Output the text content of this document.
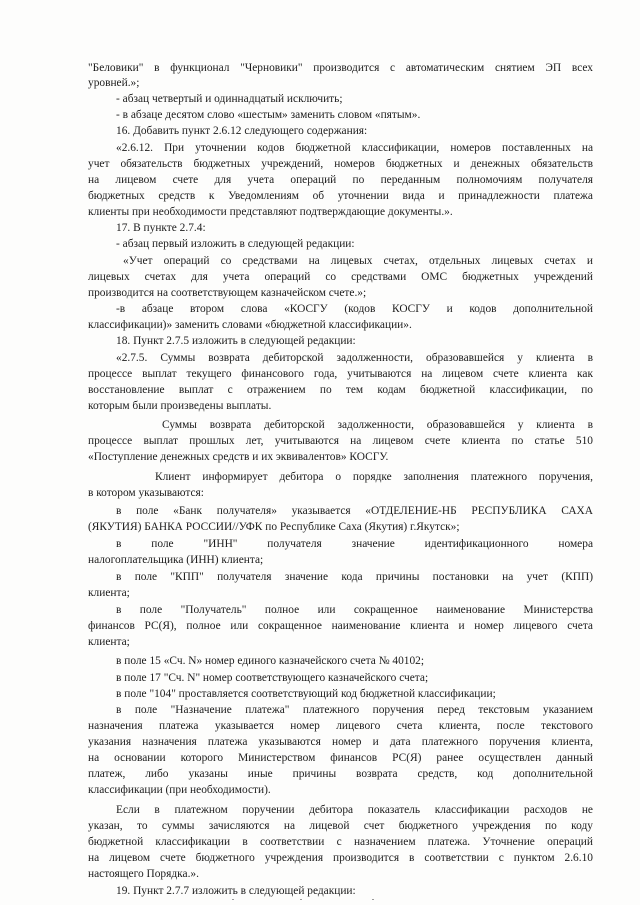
"Беловики" в функционал "Черновики" производится с автоматическим снятием ЭП всех
уровней.»;
- абзац четвертый и одиннадцатый исключить;
- в абзаце десятом слово «шестым» заменить словом «пятым».
16. Добавить пункт 2.6.12 следующего содержания:
«2.6.12. При уточнении кодов бюджетной классификации, номеров поставленных на
учет обязательств бюджетных учреждений, номеров бюджетных и денежных обязательств
на лицевом счете для учета операций по переданным полномочиям получателя
бюджетных средств к Уведомлениям об уточнении вида и принадлежности платежа
клиенты при необходимости представляют подтверждающие документы.».
17. В пункте 2.7.4:
- абзац первый изложить в следующей редакции:
«Учет операций со средствами на лицевых счетах, отдельных лицевых счетах и
лицевых счетах для учета операций со средствами ОМС бюджетных учреждений
производится на соответствующем казначейском счете.»;
-в абзаце втором слова «КОСГУ (кодов КОСГУ и кодов дополнительной
классификации)» заменить словами «бюджетной классификации».
18. Пункт 2.7.5 изложить в следующей редакции:
«2.7.5. Суммы возврата дебиторской задолженности, образовавшейся у клиента в
процессе выплат текущего финансового года, учитываются на лицевом счете клиента как
восстановление выплат с отражением по тем кодам бюджетной классификации, по
которым были произведены выплаты.
Суммы возврата дебиторской задолженности, образовавшейся у клиента в
процессе выплат прошлых лет, учитываются на лицевом счете клиента по статье 510
«Поступление денежных средств и их эквивалентов» КОСГУ.
Клиент информирует дебитора о порядке заполнения платежного поручения,
в котором указываются:
в поле «Банк получателя» указывается «ОТДЕЛЕНИЕ-НБ РЕСПУБЛИКА САХА
(ЯКУТИЯ) БАНКА РОССИИ//УФК по Республике Саха (Якутия) г.Якутск»;
в    поле    "ИНН"    получателя    значение    идентификационного    номера
налогоплательщика (ИНН) клиента;
в поле "КПП" получателя значение кода причины постановки на учет (КПП)
клиента;
в поле "Получатель" полное или сокращенное наименование Министерства
финансов РС(Я), полное или сокращенное наименование клиента и номер лицевого счета
клиента;
в поле 15 «Сч. N» номер единого казначейского счета № 40102;
в поле 17 "Сч. N" номер соответствующего казначейского счета;
в поле "104" проставляется соответствующий код бюджетной классификации;
в поле "Назначение платежа" платежного поручения перед текстовым указанием
назначения платежа указывается номер лицевого счета клиента, после текстового
указания назначения платежа указываются номер и дата платежного поручения клиента,
на основании которого Министерством финансов РС(Я) ранее осуществлен данный
платеж, либо указаны иные причины возврата средств, код дополнительной
классификации (при необходимости).
Если в платежном поручении дебитора показатель классификации расходов не
указан, то суммы зачисляются на лицевой счет бюджетного учреждения по коду
бюджетной классификации в соответствии с назначением платежа. Уточнение операций
на лицевом счете бюджетного учреждения производится в соответствии с пунктом 2.6.10
настоящего Порядка.».
19. Пункт 2.7.7 изложить в следующей редакции:
